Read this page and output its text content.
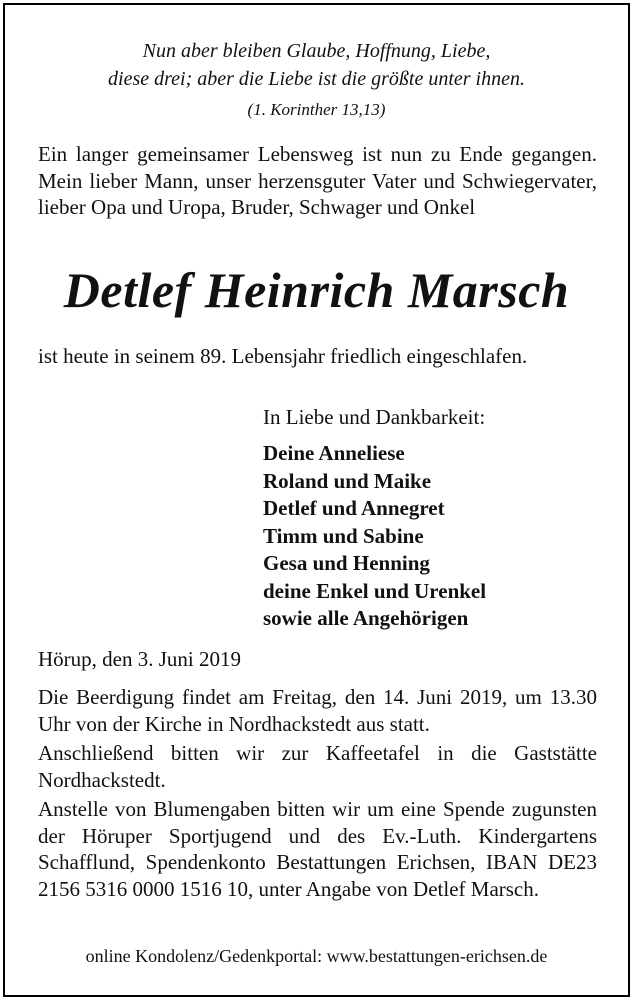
Nun aber bleiben Glaube, Hoffnung, Liebe,
diese drei; aber die Liebe ist die größte unter ihnen.
(1. Korinther 13,13)
Ein langer gemeinsamer Lebensweg ist nun zu Ende gegangen. Mein lieber Mann, unser herzensguter Vater und Schwiegervater, lieber Opa und Uropa, Bruder, Schwager und Onkel
Detlef Heinrich Marsch
ist heute in seinem 89. Lebensjahr friedlich eingeschlafen.
In Liebe und Dankbarkeit:
Deine Anneliese
Roland und Maike
Detlef und Annegret
Timm und Sabine
Gesa und Henning
deine Enkel und Urenkel
sowie alle Angehörigen
Hörup, den 3. Juni 2019
Die Beerdigung findet am Freitag, den 14. Juni 2019, um 13.30 Uhr von der Kirche in Nordhackstedt aus statt.
Anschließend bitten wir zur Kaffeetafel in die Gaststätte Nordhackstedt.
Anstelle von Blumengaben bitten wir um eine Spende zugunsten der Höruper Sportjugend und des Ev.-Luth. Kindergartens Schafflund, Spendenkonto Bestattungen Erichsen, IBAN DE23 2156 5316 0000 1516 10, unter Angabe von Detlef Marsch.
online Kondolenz/Gedenkportal: www.bestattungen-erichsen.de
